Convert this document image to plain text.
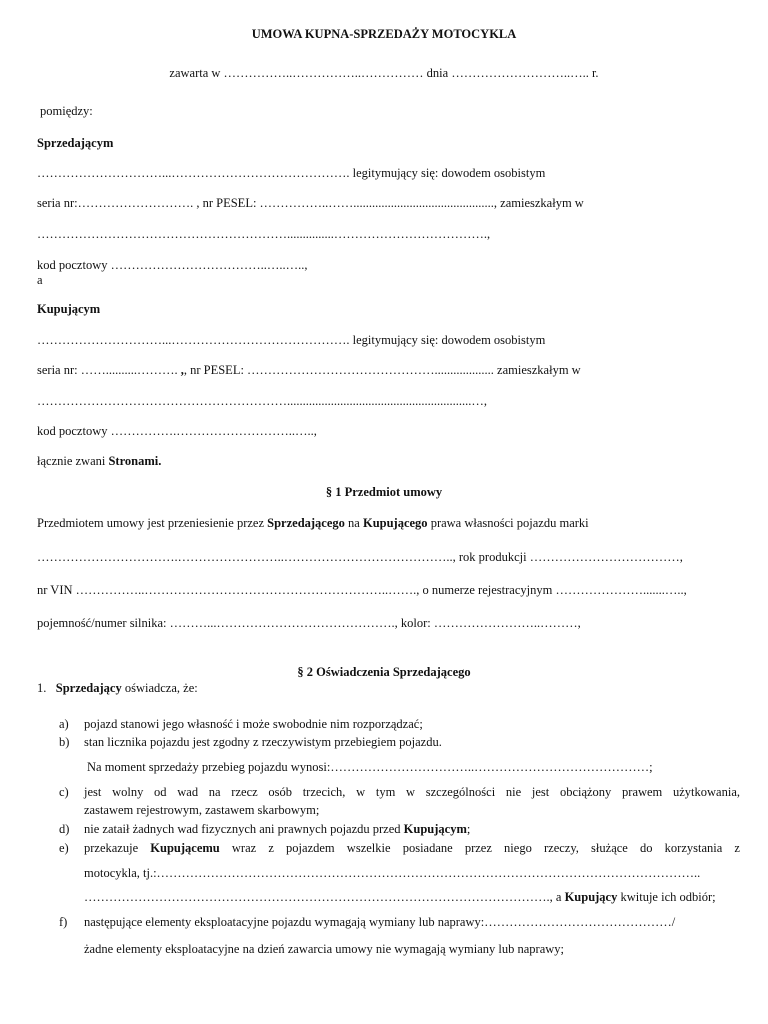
UMOWA KUPNA-SPRZEDAŻY MOTOCYKLA
zawarta w ……………..……………..…………… dnia ………………………..….. r.
pomiędzy:
Sprzedającym
…………………………...……………………………………. legitymujący się: dowodem osobistym
seria nr:………………………. , nr PESEL: ……………..……............................................., zamieszkałym w
……………………………………………………...............……………………………….,
kod pocztowy ………………………………..…..…..,
a
Kupującym
…………………………...……………………………………. legitymujący się: dowodem osobistym
seria nr: ……..........………. ,, nr PESEL: ………………………………………................... zamieszkałym w
……………………………………………………...........................................................…,
kod pocztowy …………….………………………..…..,
łącznie zwani Stronami.
§ 1 Przedmiot umowy
Przedmiotem umowy jest przeniesienie przez Sprzedającego na Kupującego prawa własności pojazdu marki
…………………………….……………………..………………………………….., rok produkcji ………………………………,
nr VIN ……………..…………………………………………………..……., o numerze rejestracyjnym ………………….......…..,
pojemność/numer silnika: ………...……………………………………., kolor: ……………………..………,
§ 2 Oświadczenia Sprzedającego
1. Sprzedający oświadcza, że:
a) pojazd stanowi jego własność i może swobodnie nim rozporządzać;
b) stan licznika pojazdu jest zgodny z rzeczywistym przebiegiem pojazdu.
Na moment sprzedaży przebieg pojazdu wynosi:……………………………..……………………………………;
c) jest wolny od wad na rzecz osób trzecich, w tym w szczególności nie jest obciążony prawem użytkowania,
zastawem rejestrowym, zastawem skarbowym;
d) nie zataił żadnych wad fizycznych ani prawnych pojazdu przed Kupującym;
e) przekazuje Kupującemu wraz z pojazdem wszelkie posiadane przez niego rzeczy, służące do korzystania z
motocykla, tj.:…………………………………………………………………………………………………………………..
…………………………………………………………………………………………………., a Kupujący kwituje ich odbiór;
f) następujące elementy eksploatacyjne pojazdu wymagają wymiany lub naprawy:………………………………………/
żadne elementy eksploatacyjne na dzień zawarcia umowy nie wymagają wymiany lub naprawy;
